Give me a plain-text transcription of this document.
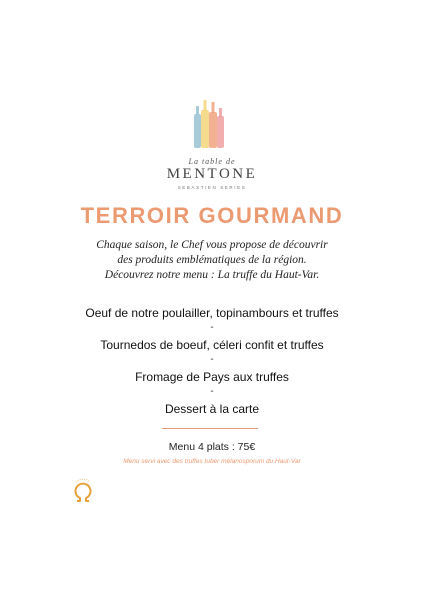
La table de
MENTONE
SEBASTIEN SERIES
TERROIR GOURMAND
Chaque saison, le Chef vous propose de découvrir
des produits emblématiques de la région.
Découvrez notre menu : La truffe du Haut-Var.
Oeuf de notre poulailler, topinambours et truffes
-
Tournedos de boeuf, céleri confit et truffes
-
Fromage de Pays aux truffes
-
Dessert à la carte
Menu 4 plats : 75€
Menu servi avec des truffes tuber mélanosporum du Haut-Var
